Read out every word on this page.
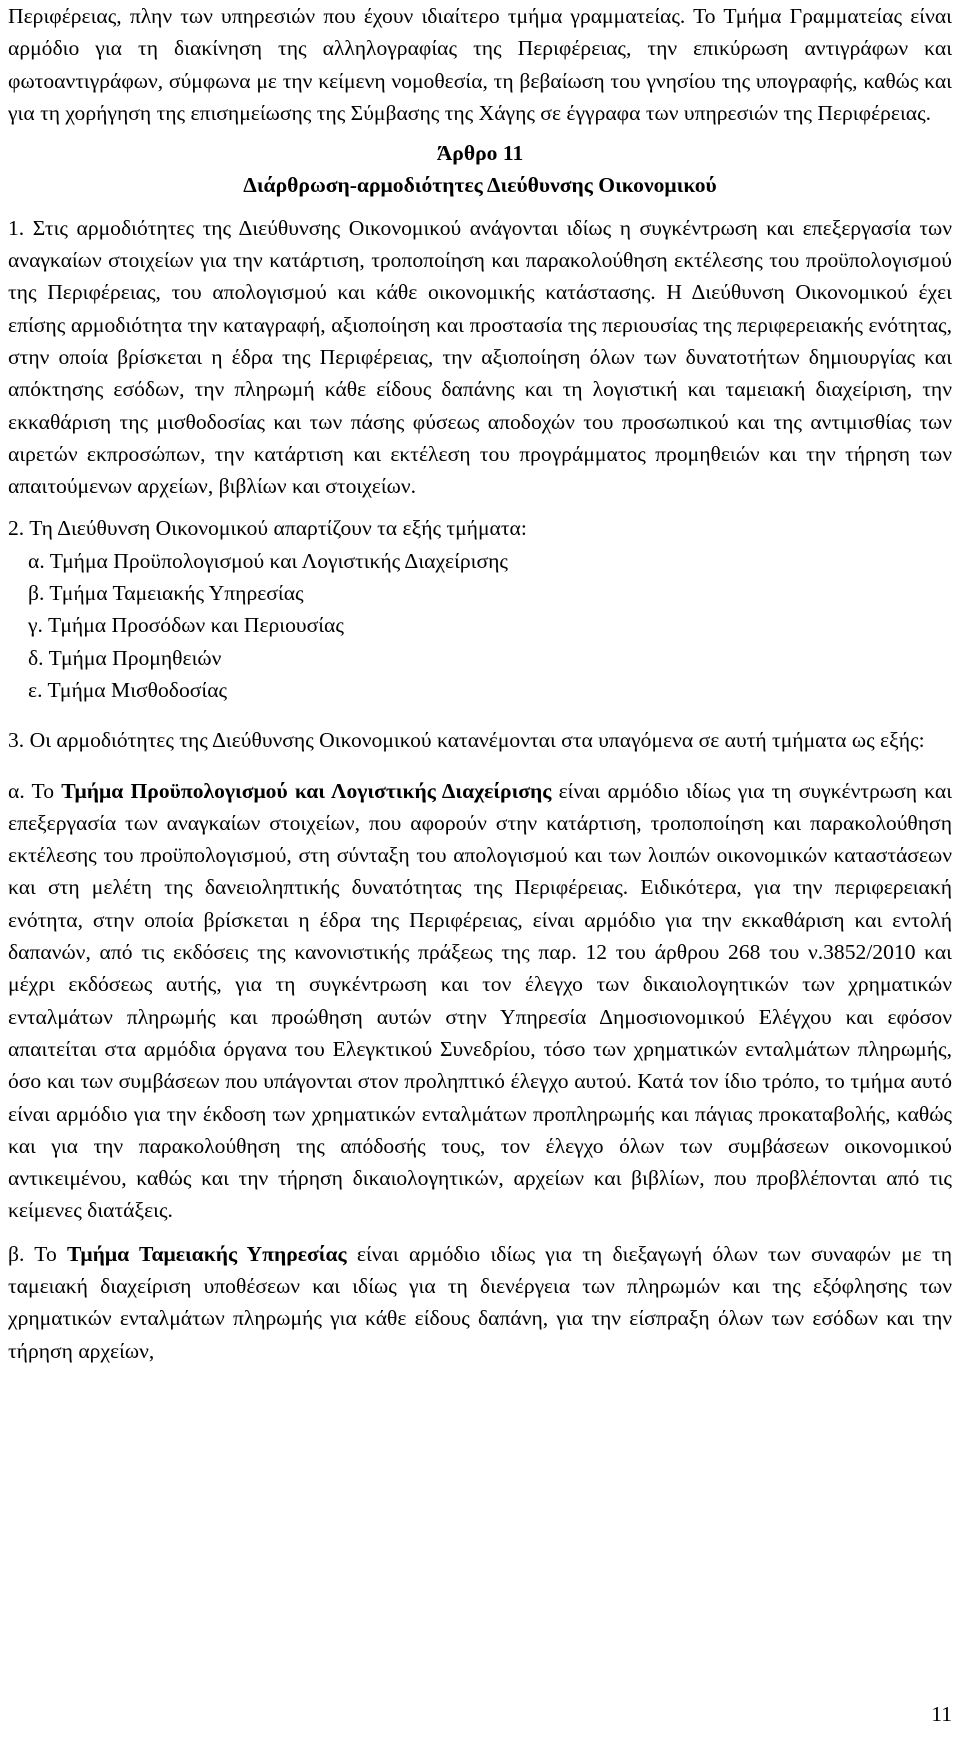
Περιφέρειας, πλην των υπηρεσιών που έχουν ιδιαίτερο τμήμα γραμματείας. Το Τμήμα Γραμματείας είναι αρμόδιο για τη διακίνηση της αλληλογραφίας της Περιφέρειας, την επικύρωση αντιγράφων και φωτοαντιγράφων, σύμφωνα με την κείμενη νομοθεσία, τη βεβαίωση του γνησίου της υπογραφής, καθώς και για τη χορήγηση της επισημείωσης της Σύμβασης της Χάγης σε έγγραφα των υπηρεσιών της Περιφέρειας.

Άρθρο 11
Διάρθρωση-αρμοδιότητες Διεύθυνσης Οικονομικού

1. Στις αρμοδιότητες της Διεύθυνσης Οικονομικού ανάγονται ιδίως η συγκέντρωση και επεξεργασία των αναγκαίων στοιχείων για την κατάρτιση, τροποποίηση και παρακολούθηση εκτέλεσης του προϋπολογισμού της Περιφέρειας, του απολογισμού και κάθε οικονομικής κατάστασης. Η Διεύθυνση Οικονομικού έχει επίσης αρμοδιότητα την καταγραφή, αξιοποίηση και προστασία της περιουσίας της περιφερειακής ενότητας, στην οποία βρίσκεται η έδρα της Περιφέρειας, την αξιοποίηση όλων των δυνατοτήτων δημιουργίας και απόκτησης εσόδων, την πληρωμή κάθε είδους δαπάνης και τη λογιστική και ταμειακή διαχείριση, την εκκαθάριση της μισθοδοσίας και των πάσης φύσεως αποδοχών του προσωπικού και της αντιμισθίας των αιρετών εκπροσώπων, την κατάρτιση και εκτέλεση του προγράμματος προμηθειών και την τήρηση των απαιτούμενων αρχείων, βιβλίων και στοιχείων.

2. Τη Διεύθυνση Οικονομικού απαρτίζουν τα εξής τμήματα:

α. Τμήμα Προϋπολογισμού και Λογιστικής Διαχείρισης
β. Τμήμα Ταμειακής Υπηρεσίας
γ. Τμήμα Προσόδων και Περιουσίας
δ. Τμήμα Προμηθειών
ε. Τμήμα Μισθοδοσίας

3. Οι αρμοδιότητες της Διεύθυνσης Οικονομικού κατανέμονται στα υπαγόμενα σε αυτή τμήματα ως εξής:

α. Το Τμήμα Προϋπολογισμού και Λογιστικής Διαχείρισης είναι αρμόδιο ιδίως για τη συγκέντρωση και επεξεργασία των αναγκαίων στοιχείων, που αφορούν στην κατάρτιση, τροποποίηση και παρακολούθηση εκτέλεσης του προϋπολογισμού, στη σύνταξη του απολογισμού και των λοιπών οικονομικών καταστάσεων και στη μελέτη της δανειοληπτικής δυνατότητας της Περιφέρειας. Ειδικότερα, για την περιφερειακή ενότητα, στην οποία βρίσκεται η έδρα της Περιφέρειας, είναι αρμόδιο για την εκκαθάριση και εντολή δαπανών, από τις εκδόσεις της κανονιστικής πράξεως της παρ. 12 του άρθρου 268 του ν.3852/2010 και μέχρι εκδόσεως αυτής, για τη συγκέντρωση και τον έλεγχο των δικαιολογητικών των χρηματικών ενταλμάτων πληρωμής και προώθηση αυτών στην Υπηρεσία Δημοσιονομικού Ελέγχου και εφόσον απαιτείται στα αρμόδια όργανα του Ελεγκτικού Συνεδρίου, τόσο των χρηματικών ενταλμάτων πληρωμής, όσο και των συμβάσεων που υπάγονται στον προληπτικό έλεγχο αυτού. Κατά τον ίδιο τρόπο, το τμήμα αυτό είναι αρμόδιο για την έκδοση των χρηματικών ενταλμάτων προπληρωμής και πάγιας προκαταβολής, καθώς και για την παρακολούθηση της απόδοσής τους, τον έλεγχο όλων των συμβάσεων οικονομικού αντικειμένου, καθώς και την τήρηση δικαιολογητικών, αρχείων και βιβλίων, που προβλέπονται από τις κείμενες διατάξεις.

β. Το Τμήμα Ταμειακής Υπηρεσίας είναι αρμόδιο ιδίως για τη διεξαγωγή όλων των συναφών με τη ταμειακή διαχείριση υποθέσεων και ιδίως για τη διενέργεια των πληρωμών και της εξόφλησης των χρηματικών ενταλμάτων πληρωμής για κάθε είδους δαπάνη, για την είσπραξη όλων των εσόδων και την τήρηση αρχείων,

11
